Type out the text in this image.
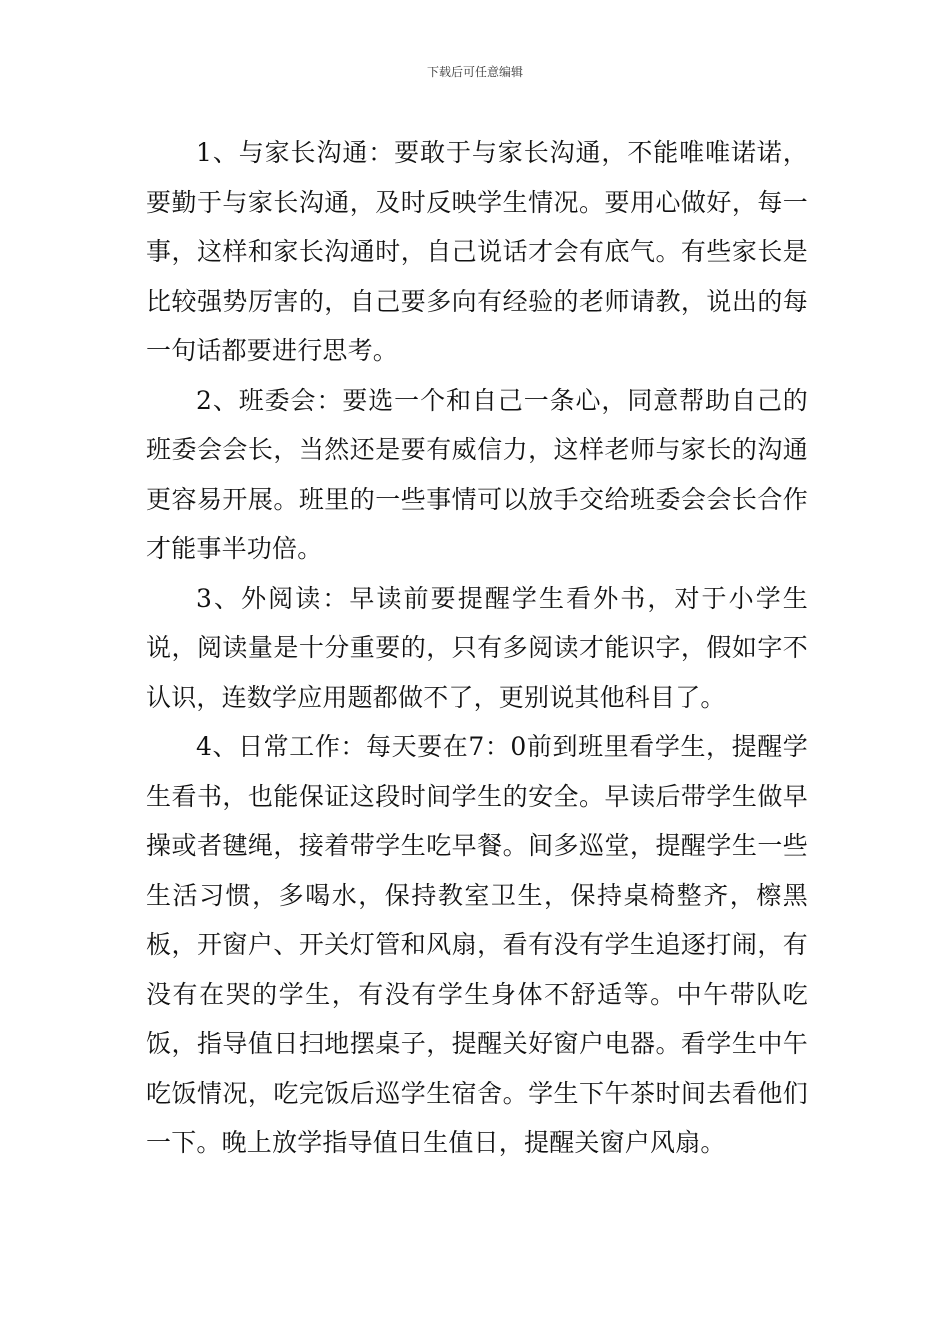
下载后可任意编辑

1、与家长沟通：要敢于与家长沟通，不能唯唯诺诺，要勤于与家长沟通，及时反映学生情况。要用心做好，每一事，这样和家长沟通时，自己说话才会有底气。有些家长是比较强势厉害的，自己要多向有经验的老师请教，说出的每一句话都要进行思考。

2、班委会：要选一个和自己一条心，同意帮助自己的班委会会长，当然还是要有威信力，这样老师与家长的沟通更容易开展。班里的一些事情可以放手交给班委会会长合作才能事半功倍。

3、外阅读：早读前要提醒学生看外书，对于小学生说，阅读量是十分重要的，只有多阅读才能识字，假如字不认识，连数学应用题都做不了，更别说其他科目了。

4、日常工作：每天要在7：0前到班里看学生，提醒学生看书，也能保证这段时间学生的安全。早读后带学生做早操或者毽绳，接着带学生吃早餐。间多巡堂，提醒学生一些生活习惯，多喝水，保持教室卫生，保持桌椅整齐，檫黑板，开窗户、开关灯管和风扇，看有没有学生追逐打闹，有没有在哭的学生，有没有学生身体不舒适等。中午带队吃饭，指导值日扫地摆桌子，提醒关好窗户电器。看学生中午吃饭情况，吃完饭后巡学生宿舍。学生下午茶时间去看他们一下。晚上放学指导值日生值日，提醒关窗户风扇。
